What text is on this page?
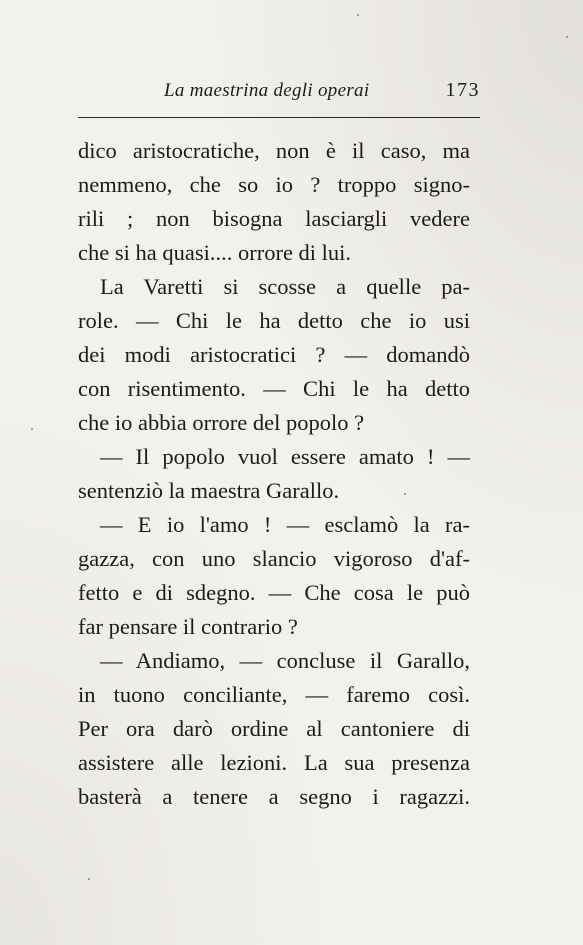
La maestrina degli operai	173
dico aristocratiche, non è il caso, ma
nemmeno, che so io ? troppo signo-
rili ; non bisogna lasciargli vedere
che si ha quasi.... orrore di lui.
La Varetti si scosse a quelle pa-
role. — Chi le ha detto che io usi
dei modi aristocratici ? — domandò
con risentimento. — Chi le ha detto
che io abbia orrore del popolo ?
— Il popolo vuol essere amato ! —
sentenziò la maestra Garallo.
— E io l'amo ! — esclamò la ra-
gazza, con uno slancio vigoroso d'af-
fetto e di sdegno. — Che cosa le può
far pensare il contrario ?
— Andiamo, — concluse il Garallo,
in tuono conciliante, — faremo così.
Per ora darò ordine al cantoniere di
assistere alle lezioni. La sua presenza
basterà a tenere a segno i ragazzi.
